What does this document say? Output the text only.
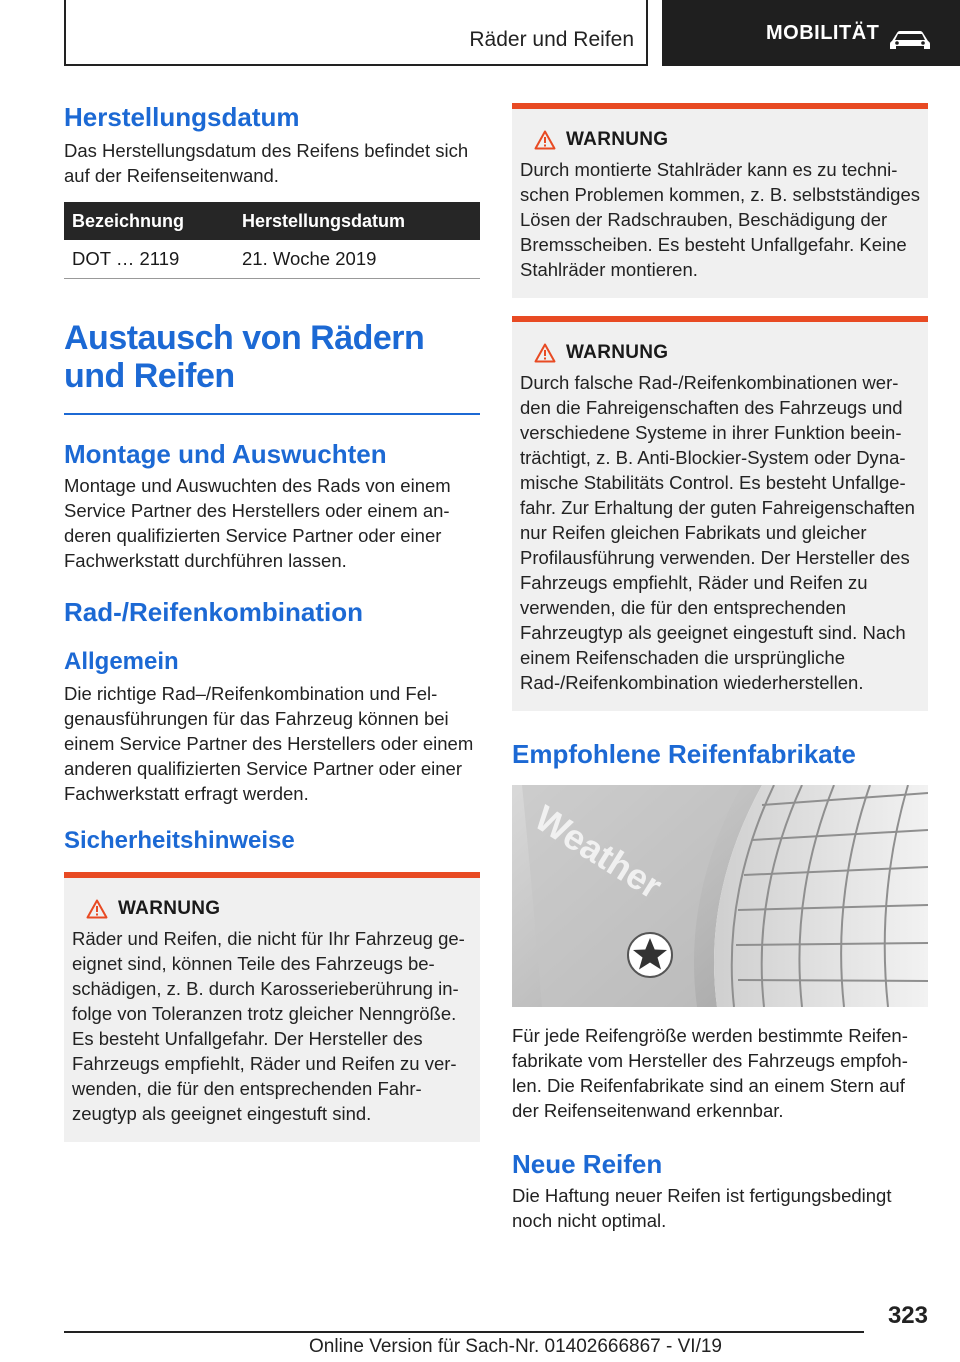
Räder und Reifen	MOBILITÄT
Herstellungsdatum
Das Herstellungsdatum des Reifens befindet sich auf der Reifenseitenwand.
Bezeichnung	Herstellungsdatum
DOT … 2119	21. Woche 2019
Austausch von Rädern und Reifen
Montage und Auswuchten
Montage und Auswuchten des Rads von einem Service Partner des Herstellers oder einem anderen qualifizierten Service Partner oder einer Fachwerkstatt durchführen lassen.
Rad-/Reifenkombination
Allgemein
Die richtige Rad–/Reifenkombination und Felgenausführungen für das Fahrzeug können bei einem Service Partner des Herstellers oder einem anderen qualifizierten Service Partner oder einer Fachwerkstatt erfragt werden.
Sicherheitshinweise
WARNUNG
Räder und Reifen, die nicht für Ihr Fahrzeug geeignet sind, können Teile des Fahrzeugs beschädigen, z. B. durch Karosserieberührung infolge von Toleranzen trotz gleicher Nenngröße. Es besteht Unfallgefahr. Der Hersteller des Fahrzeugs empfiehlt, Räder und Reifen zu verwenden, die für den entsprechenden Fahrzeugtyp als geeignet eingestuft sind.
WARNUNG
Durch montierte Stahlräder kann es zu technischen Problemen kommen, z. B. selbstständiges Lösen der Radschrauben, Beschädigung der Bremsscheiben. Es besteht Unfallgefahr. Keine Stahlräder montieren.
WARNUNG
Durch falsche Rad-/Reifenkombinationen werden die Fahreigenschaften des Fahrzeugs und verschiedene Systeme in ihrer Funktion beeinträchtigt, z. B. Anti-Blockier-System oder Dynamische Stabilitäts Control. Es besteht Unfallgefahr. Zur Erhaltung der guten Fahreigenschaften nur Reifen gleichen Fabrikats und gleicher Profilausführung verwenden. Der Hersteller des Fahrzeugs empfiehlt, Räder und Reifen zu verwenden, die für den entsprechenden Fahrzeugtyp als geeignet eingestuft sind. Nach einem Reifenschaden die ursprüngliche Rad-/Reifenkombination wiederherstellen.
Empfohlene Reifenfabrikate
Weather
Für jede Reifengröße werden bestimmte Reifenfabrikate vom Hersteller des Fahrzeugs empfohlen. Die Reifenfabrikate sind an einem Stern auf der Reifenseitenwand erkennbar.
Neue Reifen
Die Haftung neuer Reifen ist fertigungsbedingt noch nicht optimal.
323
Online Version für Sach-Nr. 01402666867 - VI/19
